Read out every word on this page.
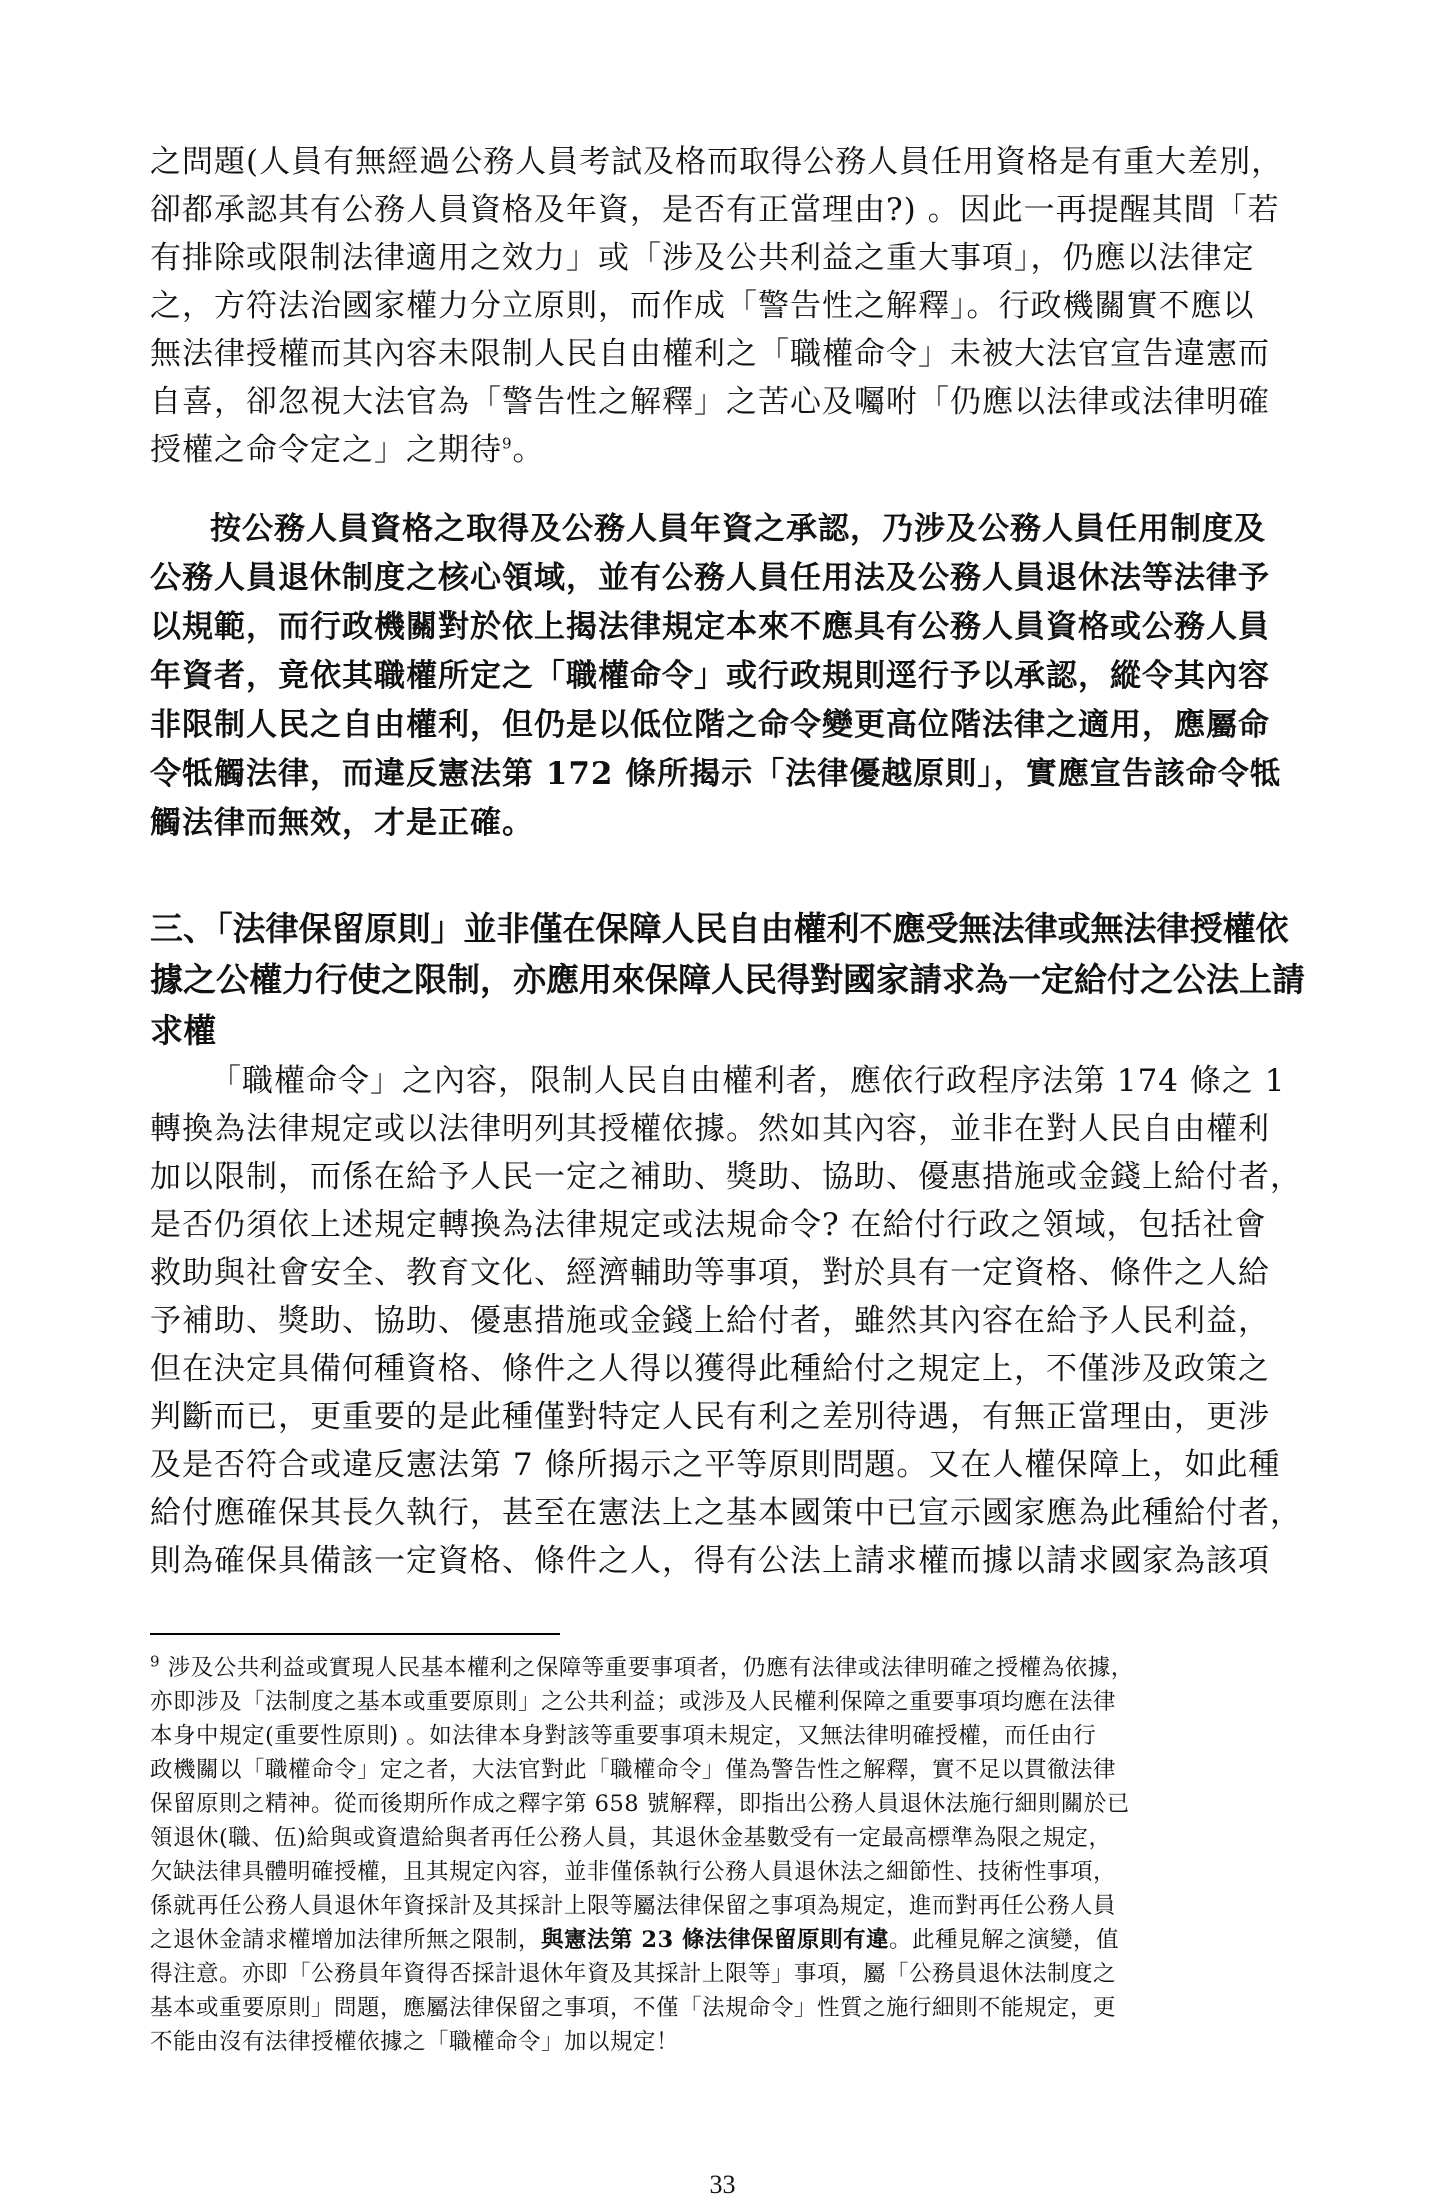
之問題(人員有無經過公務人員考試及格而取得公務人員任用資格是有重大差別，
卻都承認其有公務人員資格及年資，是否有正當理由?) 。因此一再提醒其間「若
有排除或限制法律適用之效力」或「涉及公共利益之重大事項」，仍應以法律定
之，方符法治國家權力分立原則，而作成「警告性之解釋」。行政機關實不應以
無法律授權而其內容未限制人民自由權利之「職權命令」未被大法官宣告違憲而
自喜，卻忽視大法官為「警告性之解釋」之苦心及囑咐「仍應以法律或法律明確
授權之命令定之」之期待$^9$。
按公務人員資格之取得及公務人員年資之承認，乃涉及公務人員任用制度及
公務人員退休制度之核心領域，並有公務人員任用法及公務人員退休法等法律予
以規範，而行政機關對於依上揭法律規定本來不應具有公務人員資格或公務人員
年資者，竟依其職權所定之「職權命令」或行政規則逕行予以承認，縱令其內容
非限制人民之自由權利，但仍是以低位階之命令變更高位階法律之適用，應屬命
令牴觸法律，而違反憲法第 172 條所揭示「法律優越原則」，實應宣告該命令牴
觸法律而無效，才是正確。
三、「法律保留原則」並非僅在保障人民自由權利不應受無法律或無法律授權依
據之公權力行使之限制，亦應用來保障人民得對國家請求為一定給付之公法上請
求權
「職權命令」之內容，限制人民自由權利者，應依行政程序法第 174 條之 1
轉換為法律規定或以法律明列其授權依據。然如其內容，並非在對人民自由權利
加以限制，而係在給予人民一定之補助、獎助、協助、優惠措施或金錢上給付者，
是否仍須依上述規定轉換為法律規定或法規命令? 在給付行政之領域，包括社會
救助與社會安全、教育文化、經濟輔助等事項，對於具有一定資格、條件之人給
予補助、獎助、協助、優惠措施或金錢上給付者，雖然其內容在給予人民利益，
但在決定具備何種資格、條件之人得以獲得此種給付之規定上，不僅涉及政策之
判斷而已，更重要的是此種僅對特定人民有利之差別待遇，有無正當理由，更涉
及是否符合或違反憲法第 7 條所揭示之平等原則問題。又在人權保障上，如此種
給付應確保其長久執行，甚至在憲法上之基本國策中已宣示國家應為此種給付者，
則為確保具備該一定資格、條件之人，得有公法上請求權而據以請求國家為該項
$^9$ 涉及公共利益或實現人民基本權利之保障等重要事項者，仍應有法律或法律明確之授權為依據，
亦即涉及「法制度之基本或重要原則」之公共利益；或涉及人民權利保障之重要事項均應在法律
本身中規定(重要性原則) 。如法律本身對該等重要事項未規定，又無法律明確授權，而任由行
政機關以「職權命令」定之者，大法官對此「職權命令」僅為警告性之解釋，實不足以貫徹法律
保留原則之精神。從而後期所作成之釋字第 658 號解釋，即指出公務人員退休法施行細則關於已
領退休(職、伍)給與或資遣給與者再任公務人員，其退休金基數受有一定最高標準為限之規定，
欠缺法律具體明確授權，且其規定內容，並非僅係執行公務人員退休法之細節性、技術性事項，
係就再任公務人員退休年資採計及其採計上限等屬法律保留之事項為規定，進而對再任公務人員
之退休金請求權增加法律所無之限制，與憲法第 23 條法律保留原則有違。此種見解之演變，值
得注意。亦即「公務員年資得否採計退休年資及其採計上限等」事項，屬「公務員退休法制度之
基本或重要原則」問題，應屬法律保留之事項，不僅「法規命令」性質之施行細則不能規定，更
不能由沒有法律授權依據之「職權命令」加以規定！
33
